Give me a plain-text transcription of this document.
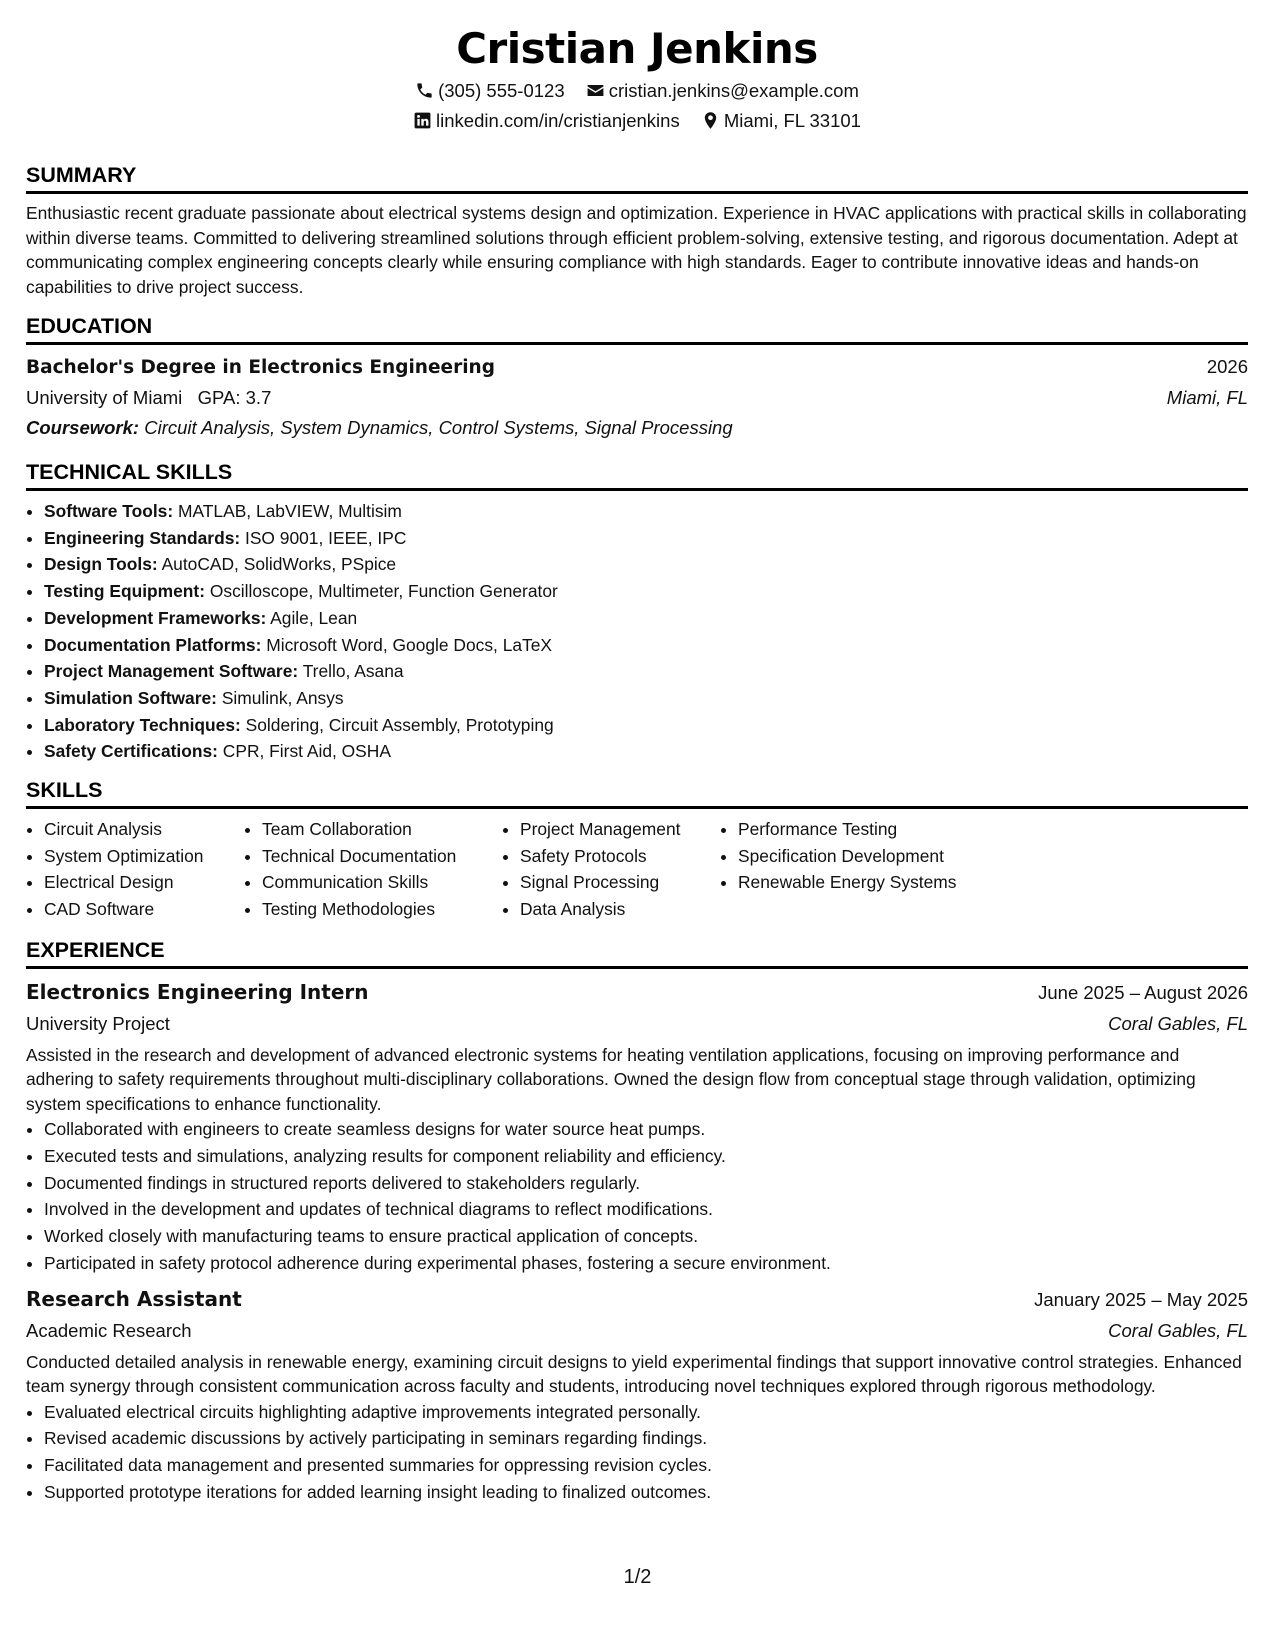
Cristian Jenkins
(305) 555-0123 cristian.jenkins@example.com
linkedin.com/in/cristianjenkins Miami, FL 33101
SUMMARY

Enthusiastic recent graduate passionate about electrical systems design and optimization. Experience in HVAC applications with practical skills in collaborating within diverse teams. Committed to delivering streamlined solutions through efficient problem-solving, extensive testing, and rigorous documentation. Adept at communicating complex engineering concepts clearly while ensuring compliance with high standards. Eager to contribute innovative ideas and hands-on capabilities to drive project success.

EDUCATION
Bachelor's Degree in Electronics Engineering	2026
University of Miami GPA: 3.7	Miami, FL
Coursework: Circuit Analysis, System Dynamics, Control Systems, Signal Processing
TECHNICAL SKILLS
• Software Tools: MATLAB, LabVIEW, Multisim
• Engineering Standards: ISO 9001, IEEE, IPC
• Design Tools: AutoCAD, SolidWorks, PSpice
• Testing Equipment: Oscilloscope, Multimeter, Function Generator
• Development Frameworks: Agile, Lean
• Documentation Platforms: Microsoft Word, Google Docs, LaTeX
• Project Management Software: Trello, Asana
• Simulation Software: Simulink, Ansys
• Laboratory Techniques: Soldering, Circuit Assembly, Prototyping
• Safety Certifications: CPR, First Aid, OSHA
SKILLS
• Circuit Analysis
• System Optimization
• Electrical Design
• CAD Software
• Team Collaboration
• Technical Documentation
• Communication Skills
• Testing Methodologies
• Project Management
• Safety Protocols
• Signal Processing
• Data Analysis
• Performance Testing
• Specification Development
• Renewable Energy Systems
EXPERIENCE
Electronics Engineering Intern	June 2025 – August 2026
University Project	Coral Gables, FL

Assisted in the research and development of advanced electronic systems for heating ventilation applications, focusing on improving performance and adhering to safety requirements throughout multi-disciplinary collaborations. Owned the design flow from conceptual stage through validation, optimizing system specifications to enhance functionality.

• Collaborated with engineers to create seamless designs for water source heat pumps.
• Executed tests and simulations, analyzing results for component reliability and efficiency.
• Documented findings in structured reports delivered to stakeholders regularly.
• Involved in the development and updates of technical diagrams to reflect modifications.
• Worked closely with manufacturing teams to ensure practical application of concepts.
• Participated in safety protocol adherence during experimental phases, fostering a secure environment.
Research Assistant	January 2025 – May 2025
Academic Research	Coral Gables, FL

Conducted detailed analysis in renewable energy, examining circuit designs to yield experimental findings that support innovative control strategies. Enhanced team synergy through consistent communication across faculty and students, introducing novel techniques explored through rigorous methodology.

• Evaluated electrical circuits highlighting adaptive improvements integrated personally.
• Revised academic discussions by actively participating in seminars regarding findings.
• Facilitated data management and presented summaries for oppressing revision cycles.
• Supported prototype iterations for added learning insight leading to finalized outcomes.
1/2
